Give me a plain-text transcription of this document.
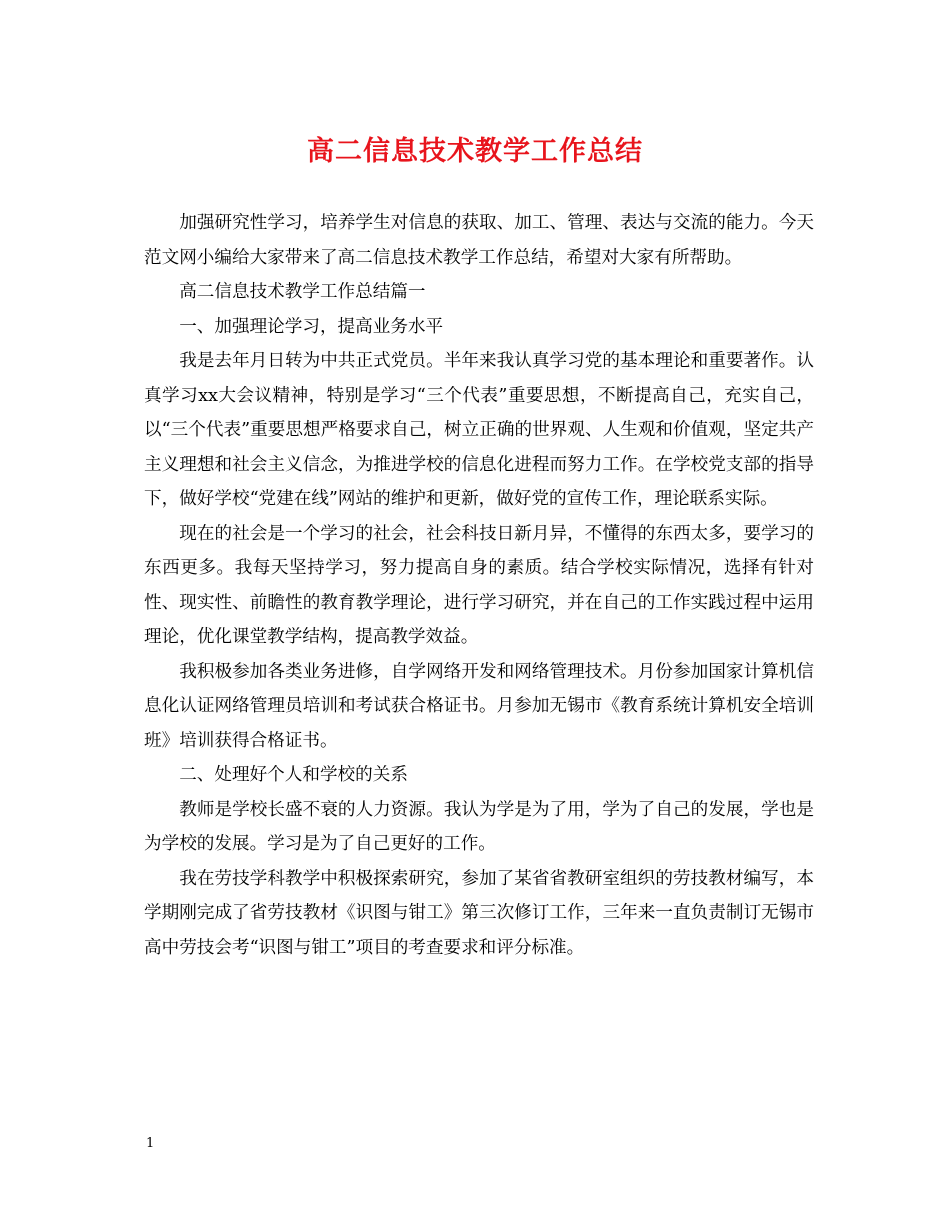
高二信息技术教学工作总结

加强研究性学习，培养学生对信息的获取、加工、管理、表达与交流的能力。今天范文网小编给大家带来了高二信息技术教学工作总结，希望对大家有所帮助。

高二信息技术教学工作总结篇一

一、加强理论学习，提高业务水平

我是去年月日转为中共正式党员。半年来我认真学习党的基本理论和重要著作。认真学习xx大会议精神，特别是学习“三个代表”重要思想，不断提高自己，充实自己，以“三个代表”重要思想严格要求自己，树立正确的世界观、人生观和价值观，坚定共产主义理想和社会主义信念，为推进学校的信息化进程而努力工作。在学校党支部的指导下，做好学校“党建在线”网站的维护和更新，做好党的宣传工作，理论联系实际。

现在的社会是一个学习的社会，社会科技日新月异，不懂得的东西太多，要学习的东西更多。我每天坚持学习，努力提高自身的素质。结合学校实际情况，选择有针对性、现实性、前瞻性的教育教学理论，进行学习研究，并在自己的工作实践过程中运用理论，优化课堂教学结构，提高教学效益。

我积极参加各类业务进修，自学网络开发和网络管理技术。月份参加国家计算机信息化认证网络管理员培训和考试获合格证书。月参加无锡市《教育系统计算机安全培训班》培训获得合格证书。

二、处理好个人和学校的关系

教师是学校长盛不衰的人力资源。我认为学是为了用，学为了自己的发展，学也是为学校的发展。学习是为了自己更好的工作。

我在劳技学科教学中积极探索研究，参加了某省省教研室组织的劳技教材编写，本学期刚完成了省劳技教材《识图与钳工》第三次修订工作，三年来一直负责制订无锡市高中劳技会考“识图与钳工”项目的考查要求和评分标准。

1
